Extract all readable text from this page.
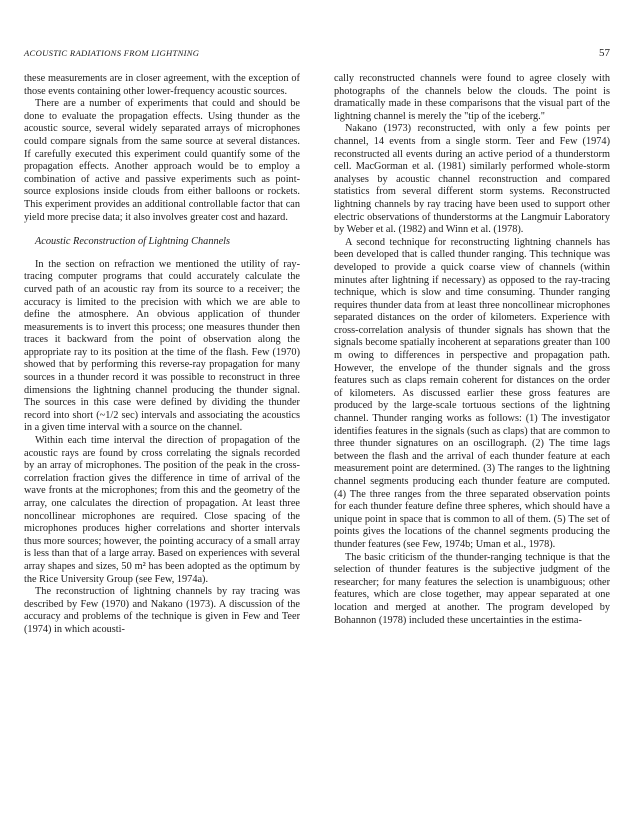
ACOUSTIC RADIATIONS FROM LIGHTNING	57

these measurements are in closer agreement, with the exception of those events containing other lower-frequency acoustic sources.

There are a number of experiments that could and should be done to evaluate the propagation effects. Using thunder as the acoustic source, several widely separated arrays of microphones could compare signals from the same source at several distances. If carefully executed this experiment could quantify some of the propagation effects. Another approach would be to employ a combination of active and passive experiments such as point-source explosions inside clouds from either balloons or rockets. This experiment provides an additional controllable factor that can yield more precise data; it also involves greater cost and hazard.

Acoustic Reconstruction of Lightning Channels

In the section on refraction we mentioned the utility of ray-tracing computer programs that could accurately calculate the curved path of an acoustic ray from its source to a receiver; the accuracy is limited to the precision with which we are able to define the atmosphere. An obvious application of thunder measurements is to invert this process; one measures thunder then traces it backward from the point of observation along the appropriate ray to its position at the time of the flash. Few (1970) showed that by performing this reverse-ray propagation for many sources in a thunder record it was possible to reconstruct in three dimensions the lightning channel producing the thunder signal. The sources in this case were defined by dividing the thunder record into short (~1/2 sec) intervals and associating the acoustics in a given time interval with a source on the channel.

Within each time interval the direction of propagation of the acoustic rays are found by cross correlating the signals recorded by an array of microphones. The position of the peak in the cross-correlation fraction gives the difference in time of arrival of the wave fronts at the microphones; from this and the geometry of the array, one calculates the direction of propagation. At least three noncollinear microphones are required. Close spacing of the microphones produces higher correlations and shorter intervals thus more sources; however, the pointing accuracy of a small array is less than that of a large array. Based on experiences with several array shapes and sizes, 50 m² has been adopted as the optimum by the Rice University Group (see Few, 1974a).

The reconstruction of lightning channels by ray tracing was described by Few (1970) and Nakano (1973). A discussion of the accuracy and problems of the technique is given in Few and Teer (1974) in which acousti-

cally reconstructed channels were found to agree closely with photographs of the channels below the clouds. The point is dramatically made in these comparisons that the visual part of the lightning channel is merely the "tip of the iceberg."

Nakano (1973) reconstructed, with only a few points per channel, 14 events from a single storm. Teer and Few (1974) reconstructed all events during an active period of a thunderstorm cell. MacGorman et al. (1981) similarly performed whole-storm analyses by acoustic channel reconstruction and compared statistics from several different storm systems. Reconstructed lightning channels by ray tracing have been used to support other electric observations of thunderstorms at the Langmuir Laboratory by Weber et al. (1982) and Winn et al. (1978).

A second technique for reconstructing lightning channels has been developed that is called thunder ranging. This technique was developed to provide a quick coarse view of channels (within minutes after lightning if necessary) as opposed to the ray-tracing technique, which is slow and time consuming. Thunder ranging requires thunder data from at least three noncollinear microphones separated distances on the order of kilometers. Experience with cross-correlation analysis of thunder signals has shown that the signals become spatially incoherent at separations greater than 100 m owing to differences in perspective and propagation path. However, the envelope of the thunder signals and the gross features such as claps remain coherent for distances on the order of kilometers. As discussed earlier these gross features are produced by the large-scale tortuous sections of the lightning channel. Thunder ranging works as follows: (1) The investigator identifies features in the signals (such as claps) that are common to three thunder signatures on an oscillograph. (2) The time lags between the flash and the arrival of each thunder feature at each measurement point are determined. (3) The ranges to the lightning channel segments producing each thunder feature are computed. (4) The three ranges from the three separated observation points for each thunder feature define three spheres, which should have a unique point in space that is common to all of them. (5) The set of points gives the locations of the channel segments producing the thunder features (see Few, 1974b; Uman et al., 1978).

The basic criticism of the thunder-ranging technique is that the selection of thunder features is the subjective judgment of the researcher; for many features the selection is unambiguous; other features, which are close together, may appear separated at one location and merged at another. The program developed by Bohannon (1978) included these uncertainties in the estima-
